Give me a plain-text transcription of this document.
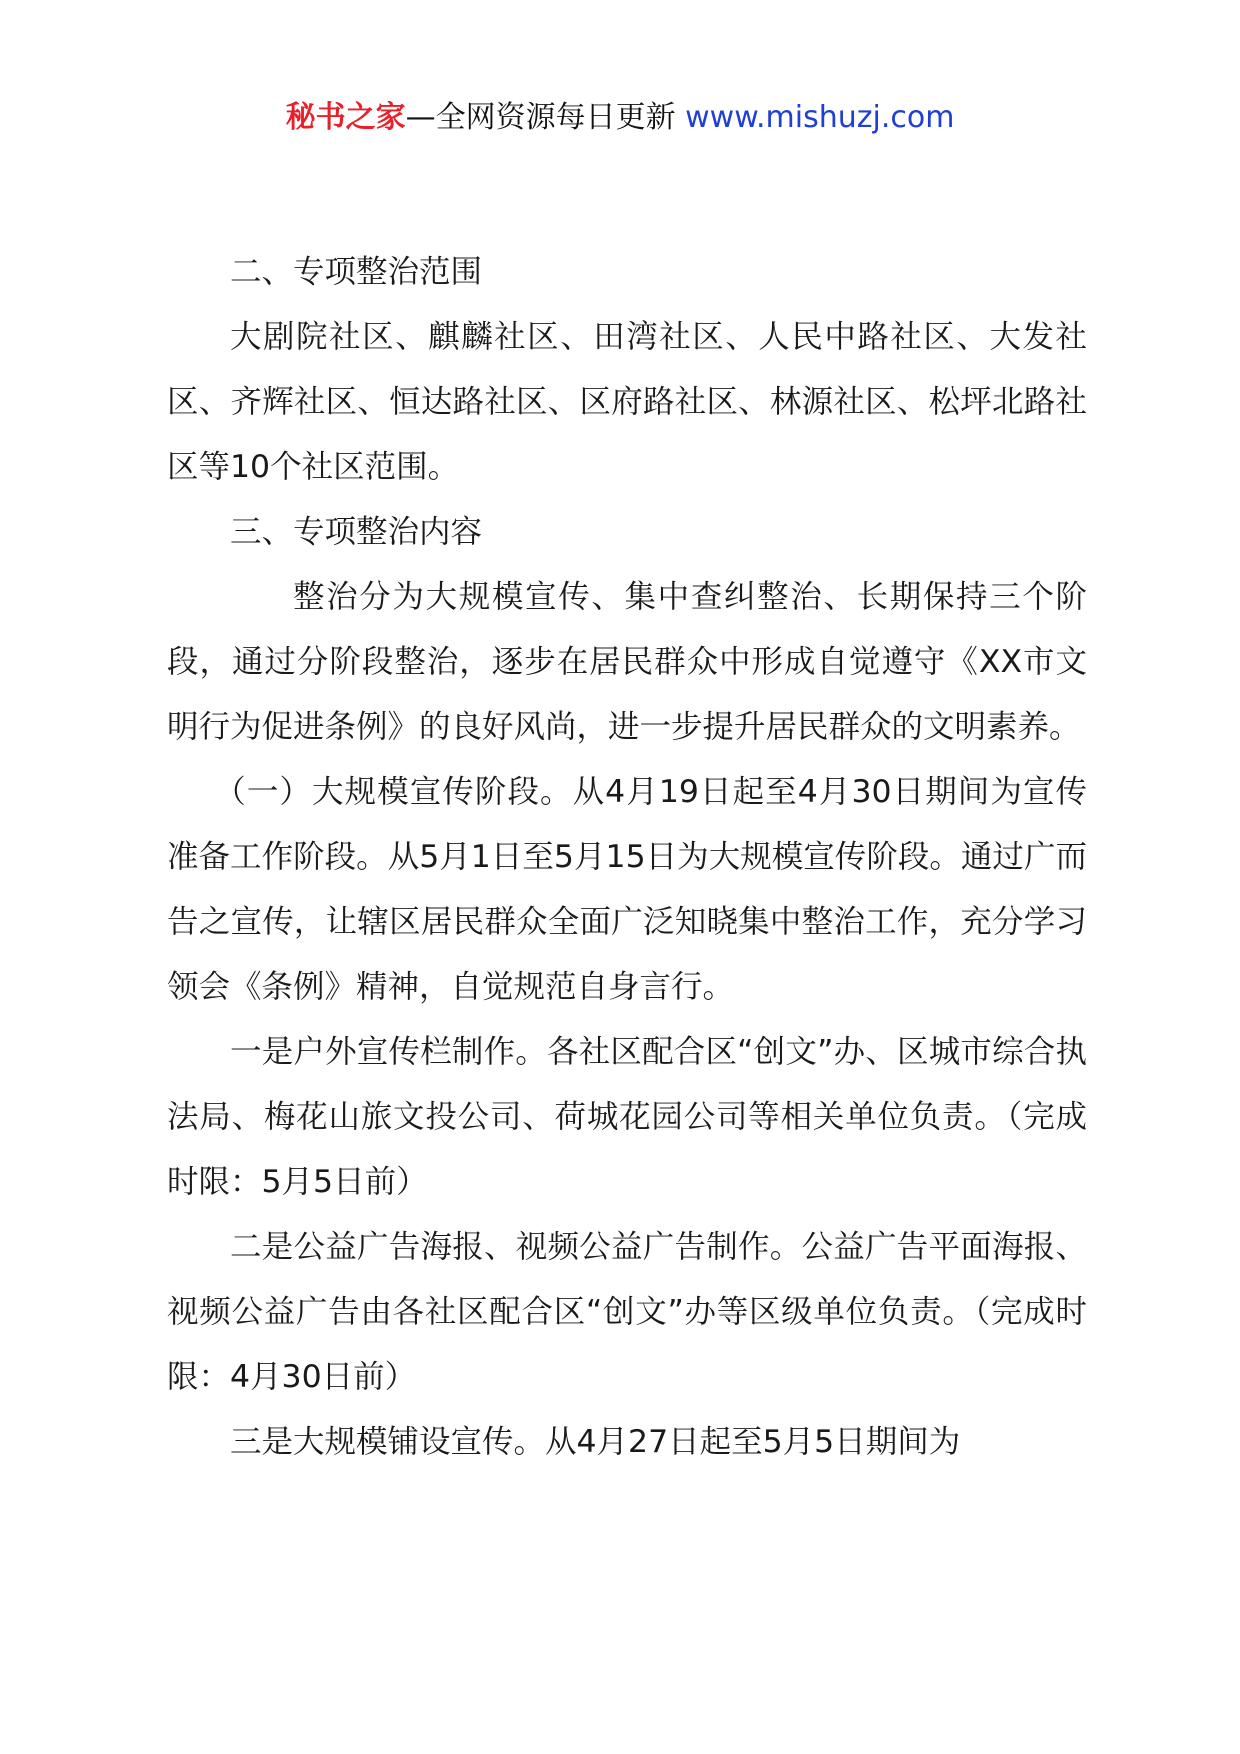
秘书之家—全网资源每日更新 www.mishuzj.com

二、专项整治范围

大剧院社区、麒麟社区、田湾社区、人民中路社区、大发社区、齐辉社区、恒达路社区、区府路社区、林源社区、松坪北路社区等10个社区范围。

三、专项整治内容

整治分为大规模宣传、集中查纠整治、长期保持三个阶段，通过分阶段整治，逐步在居民群众中形成自觉遵守《XX市文明行为促进条例》的良好风尚，进一步提升居民群众的文明素养。

（一）大规模宣传阶段。从4月19日起至4月30日期间为宣传准备工作阶段。从5月1日至5月15日为大规模宣传阶段。通过广而告之宣传，让辖区居民群众全面广泛知晓集中整治工作，充分学习领会《条例》精神，自觉规范自身言行。

一是户外宣传栏制作。各社区配合区“创文”办、区城市综合执法局、梅花山旅文投公司、荷城花园公司等相关单位负责。（完成时限：5月5日前）

二是公益广告海报、视频公益广告制作。公益广告平面海报、视频公益广告由各社区配合区“创文”办等区级单位负责。（完成时限：4月30日前）

三是大规模铺设宣传。从4月27日起至5月5日期间为
